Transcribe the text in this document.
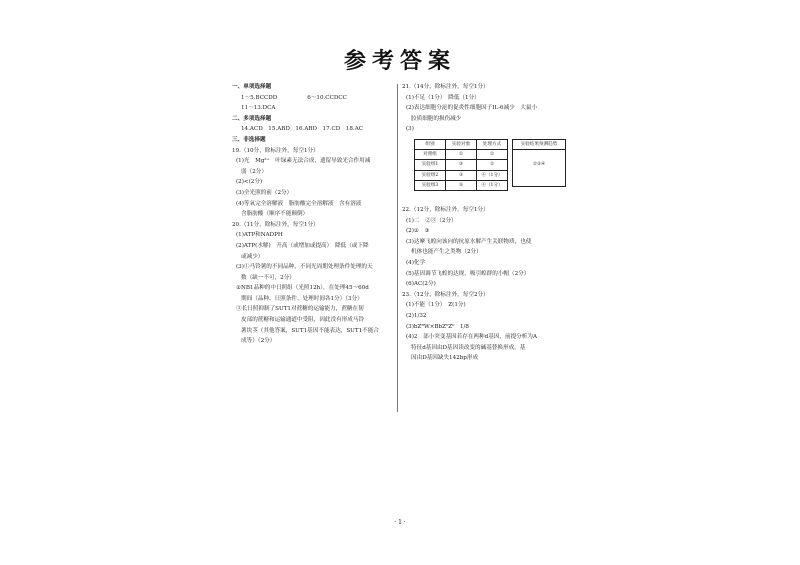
参考答案
一、单项选择题
1～5.BCCDD	6～10.CCDCC
11～13.DCA
二、多项选择题
14.ACD　15.ABD　16.ABD　17.CD　18.AC
三、非选择题
19.（10分，除标注外，每空1分）
(1)光　Mg²⁺　叶绿素无法合成，遗留导致光合作用减
弱（2分）
(2)<(2分)
(3)全光照的前（2分）
(4)等氧完全溶解液　脂肪酸完全溶解液　含有溶液
含脂肪酸（顺序不能颠倒）
20.（11分，除标注外，每空1分）
(1)ATP和NADPH
(2)ATP(水解)　升高（或增加或提高）　降低（或下降
或减少）
(3)①马铃薯的不同品种，不同光周期处理条件处理的天
数（缺一不可，2分）
②NB1品种的中日照组（光照12h），在处理45～60d
期间（品种、日照条件、处理时间各1分）（3分）
③长日照抑制了SUT1对蔗糖的运输能力，蔗糖在韧
皮部的蔗糖和运输通道中受阻，因此没有形成马铃
薯块茎（其他答案，SUT1基因不能表达，SUT1不能合
成等）（2分）
21.（14分，除标注外，每空1分）
(1)不足（1分）　降低（1分）
(2)表达细胞分泌的促炎性细胞因子IL-6减少　大鼠小
胶质细胞的损伤减少
(3)
组别	实验对象	处理方式
对照组	①	②
实验组1	③	②
实验组2	③	④（1分）
实验组3	⑤	④（1分）
实验结果预测趋势
②③④
22.（12分，除标注外，每空1分）
(1)二　②③（2分）
(2)②　③
(3)达摩飞蝗向该向的抗原水解产生关联物质，也使
机体也能产生之类物（2分）
(4)化学
(5)基因调节飞蝗的达规，吸引蝗群的小帽（2分）
(6)AC(2分)
23.（12分，除标注外，每空2分）
(1)不能（1分）　Z(1分)
(2)1/32
(3)bZᴮW×BbZᵇZᵇ　1/8
(4)2　部小突变基因若存在两种d基因，前提分析为A
特征d基因由D基因读改变的碱基替换形成，基
因由D基因缺失142bp形成
· 1 ·
